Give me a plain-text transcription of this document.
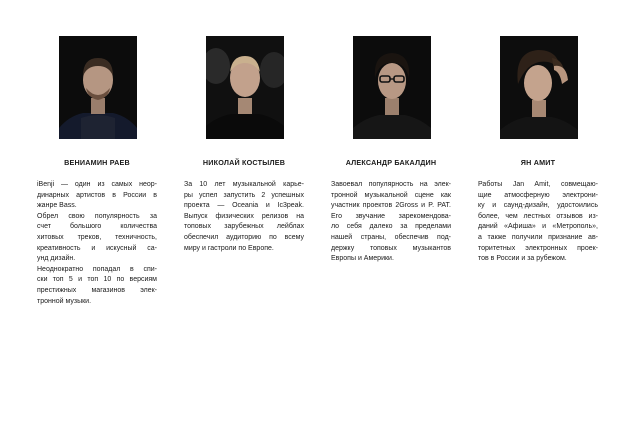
ВЕНИАМИН РАЕВ

iBenji — один из самых неор-
динарных артистов в России в
жанре Bass.
Обрел свою популярность за
счет большого количества
хитовых треков, техничность,
креативность и искусный са-
унд дизайн.
Неоднократно попадал в спи-
ски топ 5 и топ 10 по версиям
престижных магазинов элек-
тронной музыки.

НИКОЛАЙ КОСТЫЛЕВ

За 10 лет музыкальной карье-
ры успел запустить 2 успешных
проекта — Oceania и Ic3peak.
Выпуск физических релизов на
топовых зарубежных лейблах
обеспечил аудиторию по всему
миру и гастроли по Европе.

АЛЕКСАНДР БАКАЛДИН

Завоевал популярность на элек-
тронной музыкальной сцене как
участник проектов 2Gross и P. PAT.
Его звучание зарекомендова-
ло себя далеко за пределами
нашей страны, обеспечив под-
держку топовых музыкантов
Европы и Америки.

ЯН АМИТ

Работы Jan Amit, совмещаю-
щие атмосферную электрони-
ку и саунд-дизайн, удостоились
более, чем лестных отзывов из-
даний «Афиша» и «Метрополь»,
а также получили признание ав-
торитетных электронных проек-
тов в России и за рубежом.
